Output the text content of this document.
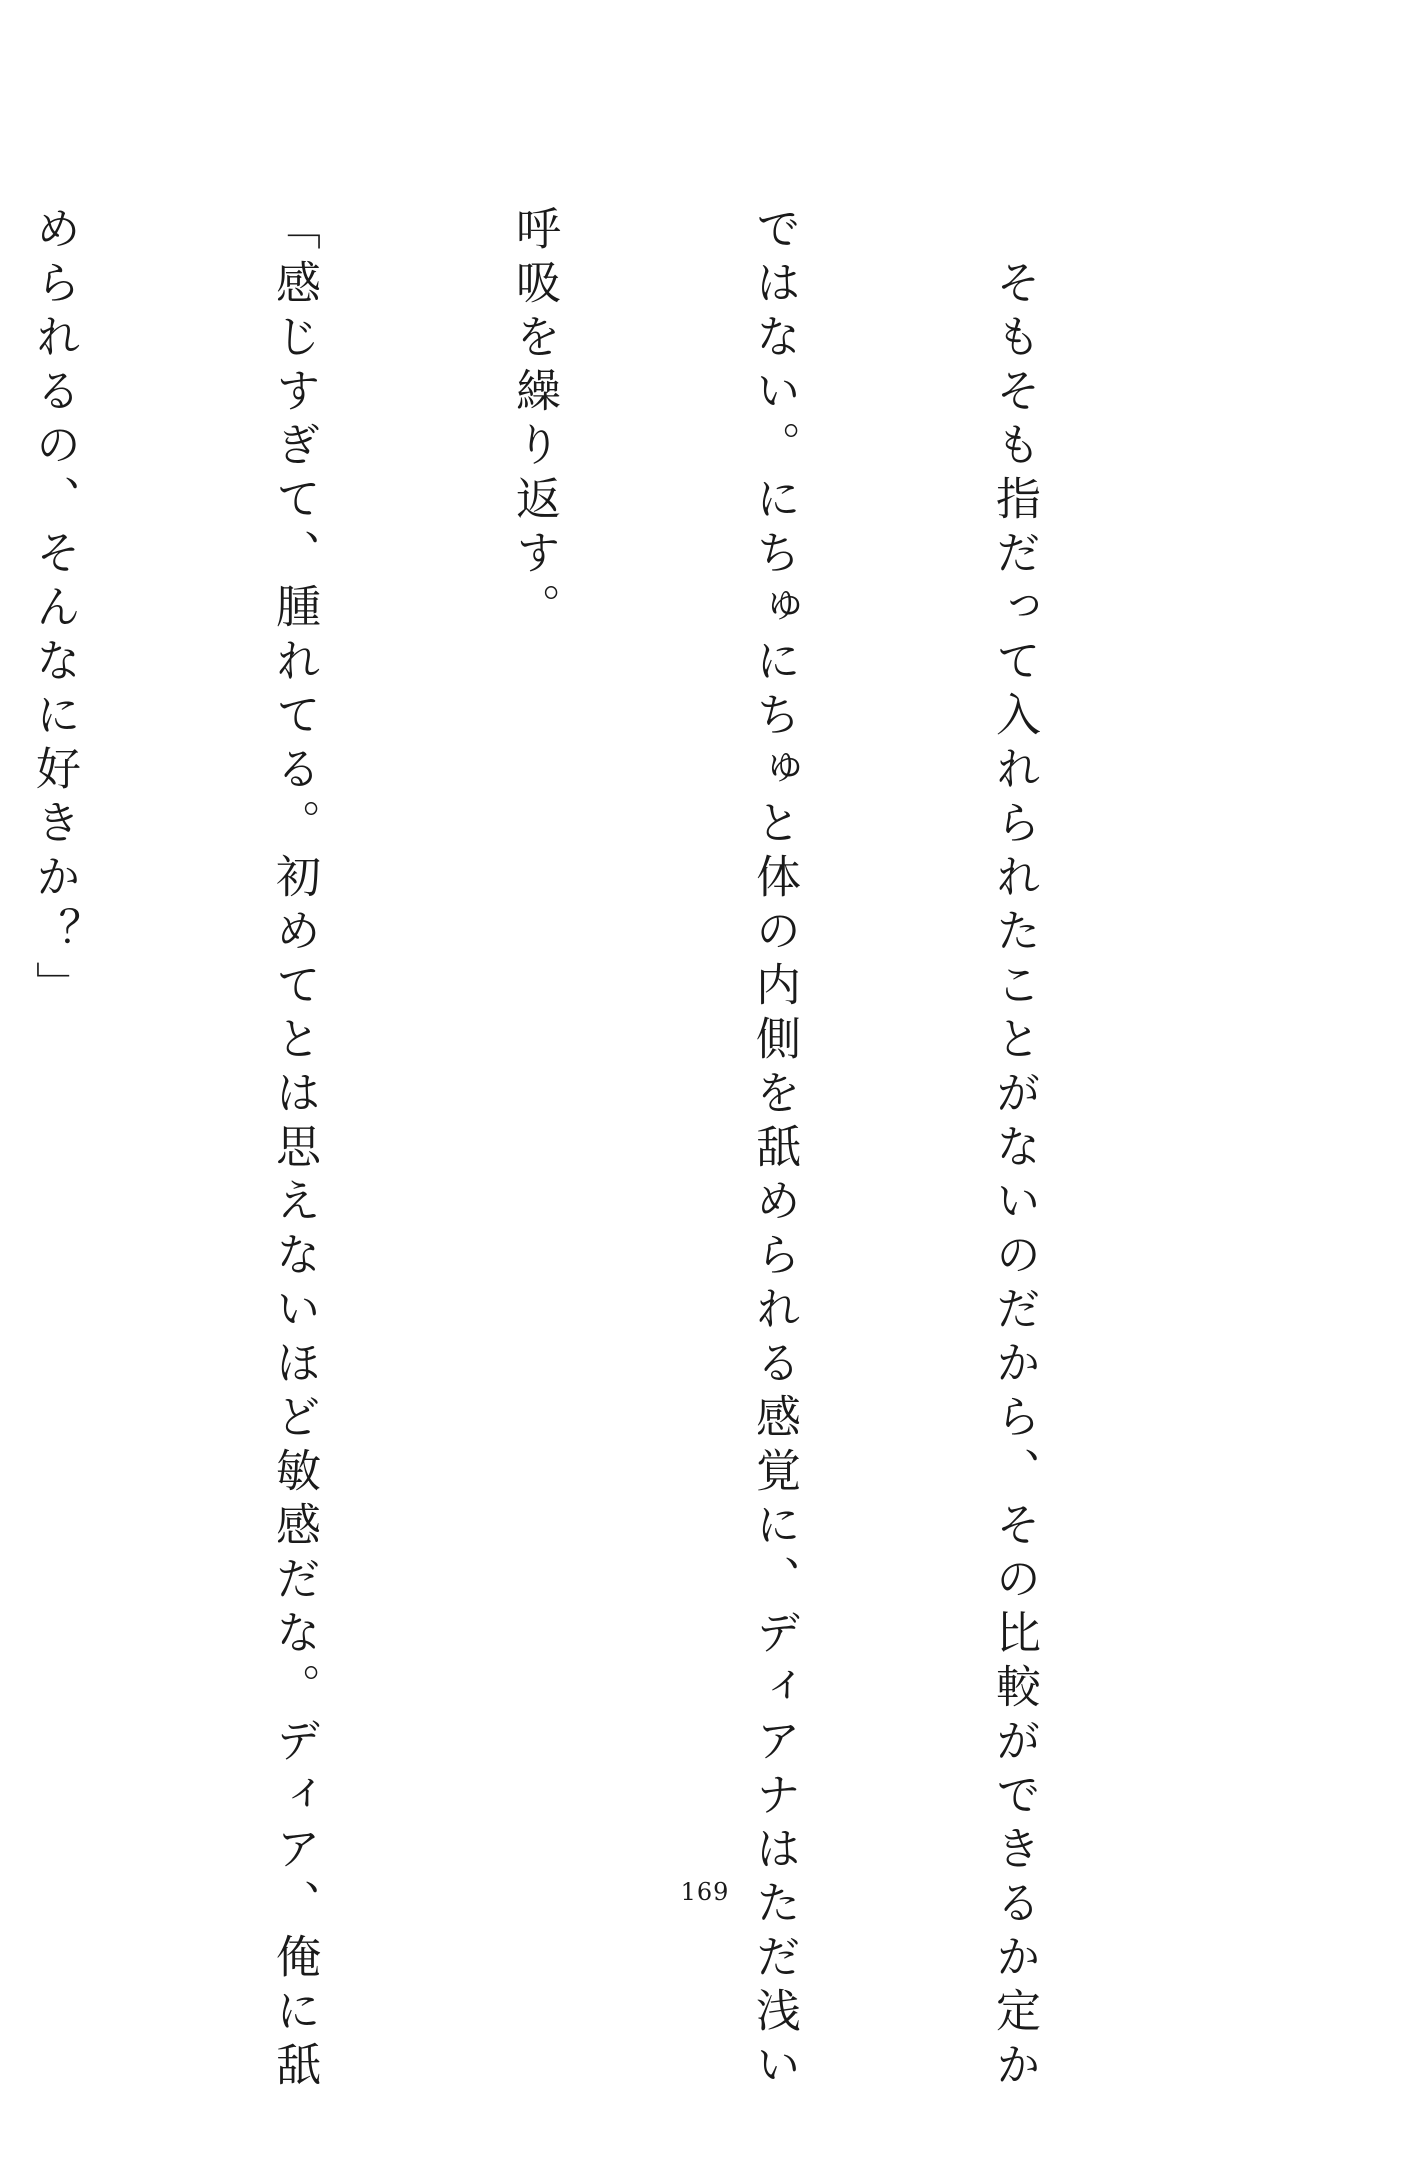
　そもそも指だって入れられたことがないのだから、その比較ができるか定か

ではない。にちゅにちゅと体の内側を舐められる感覚に、ディアナはただ浅い

呼吸を繰り返す。

「感じすぎて、腫れてる。初めてとは思えないほど敏感だな。ディア、俺に舐

められるの、そんなに好きか？」

169
